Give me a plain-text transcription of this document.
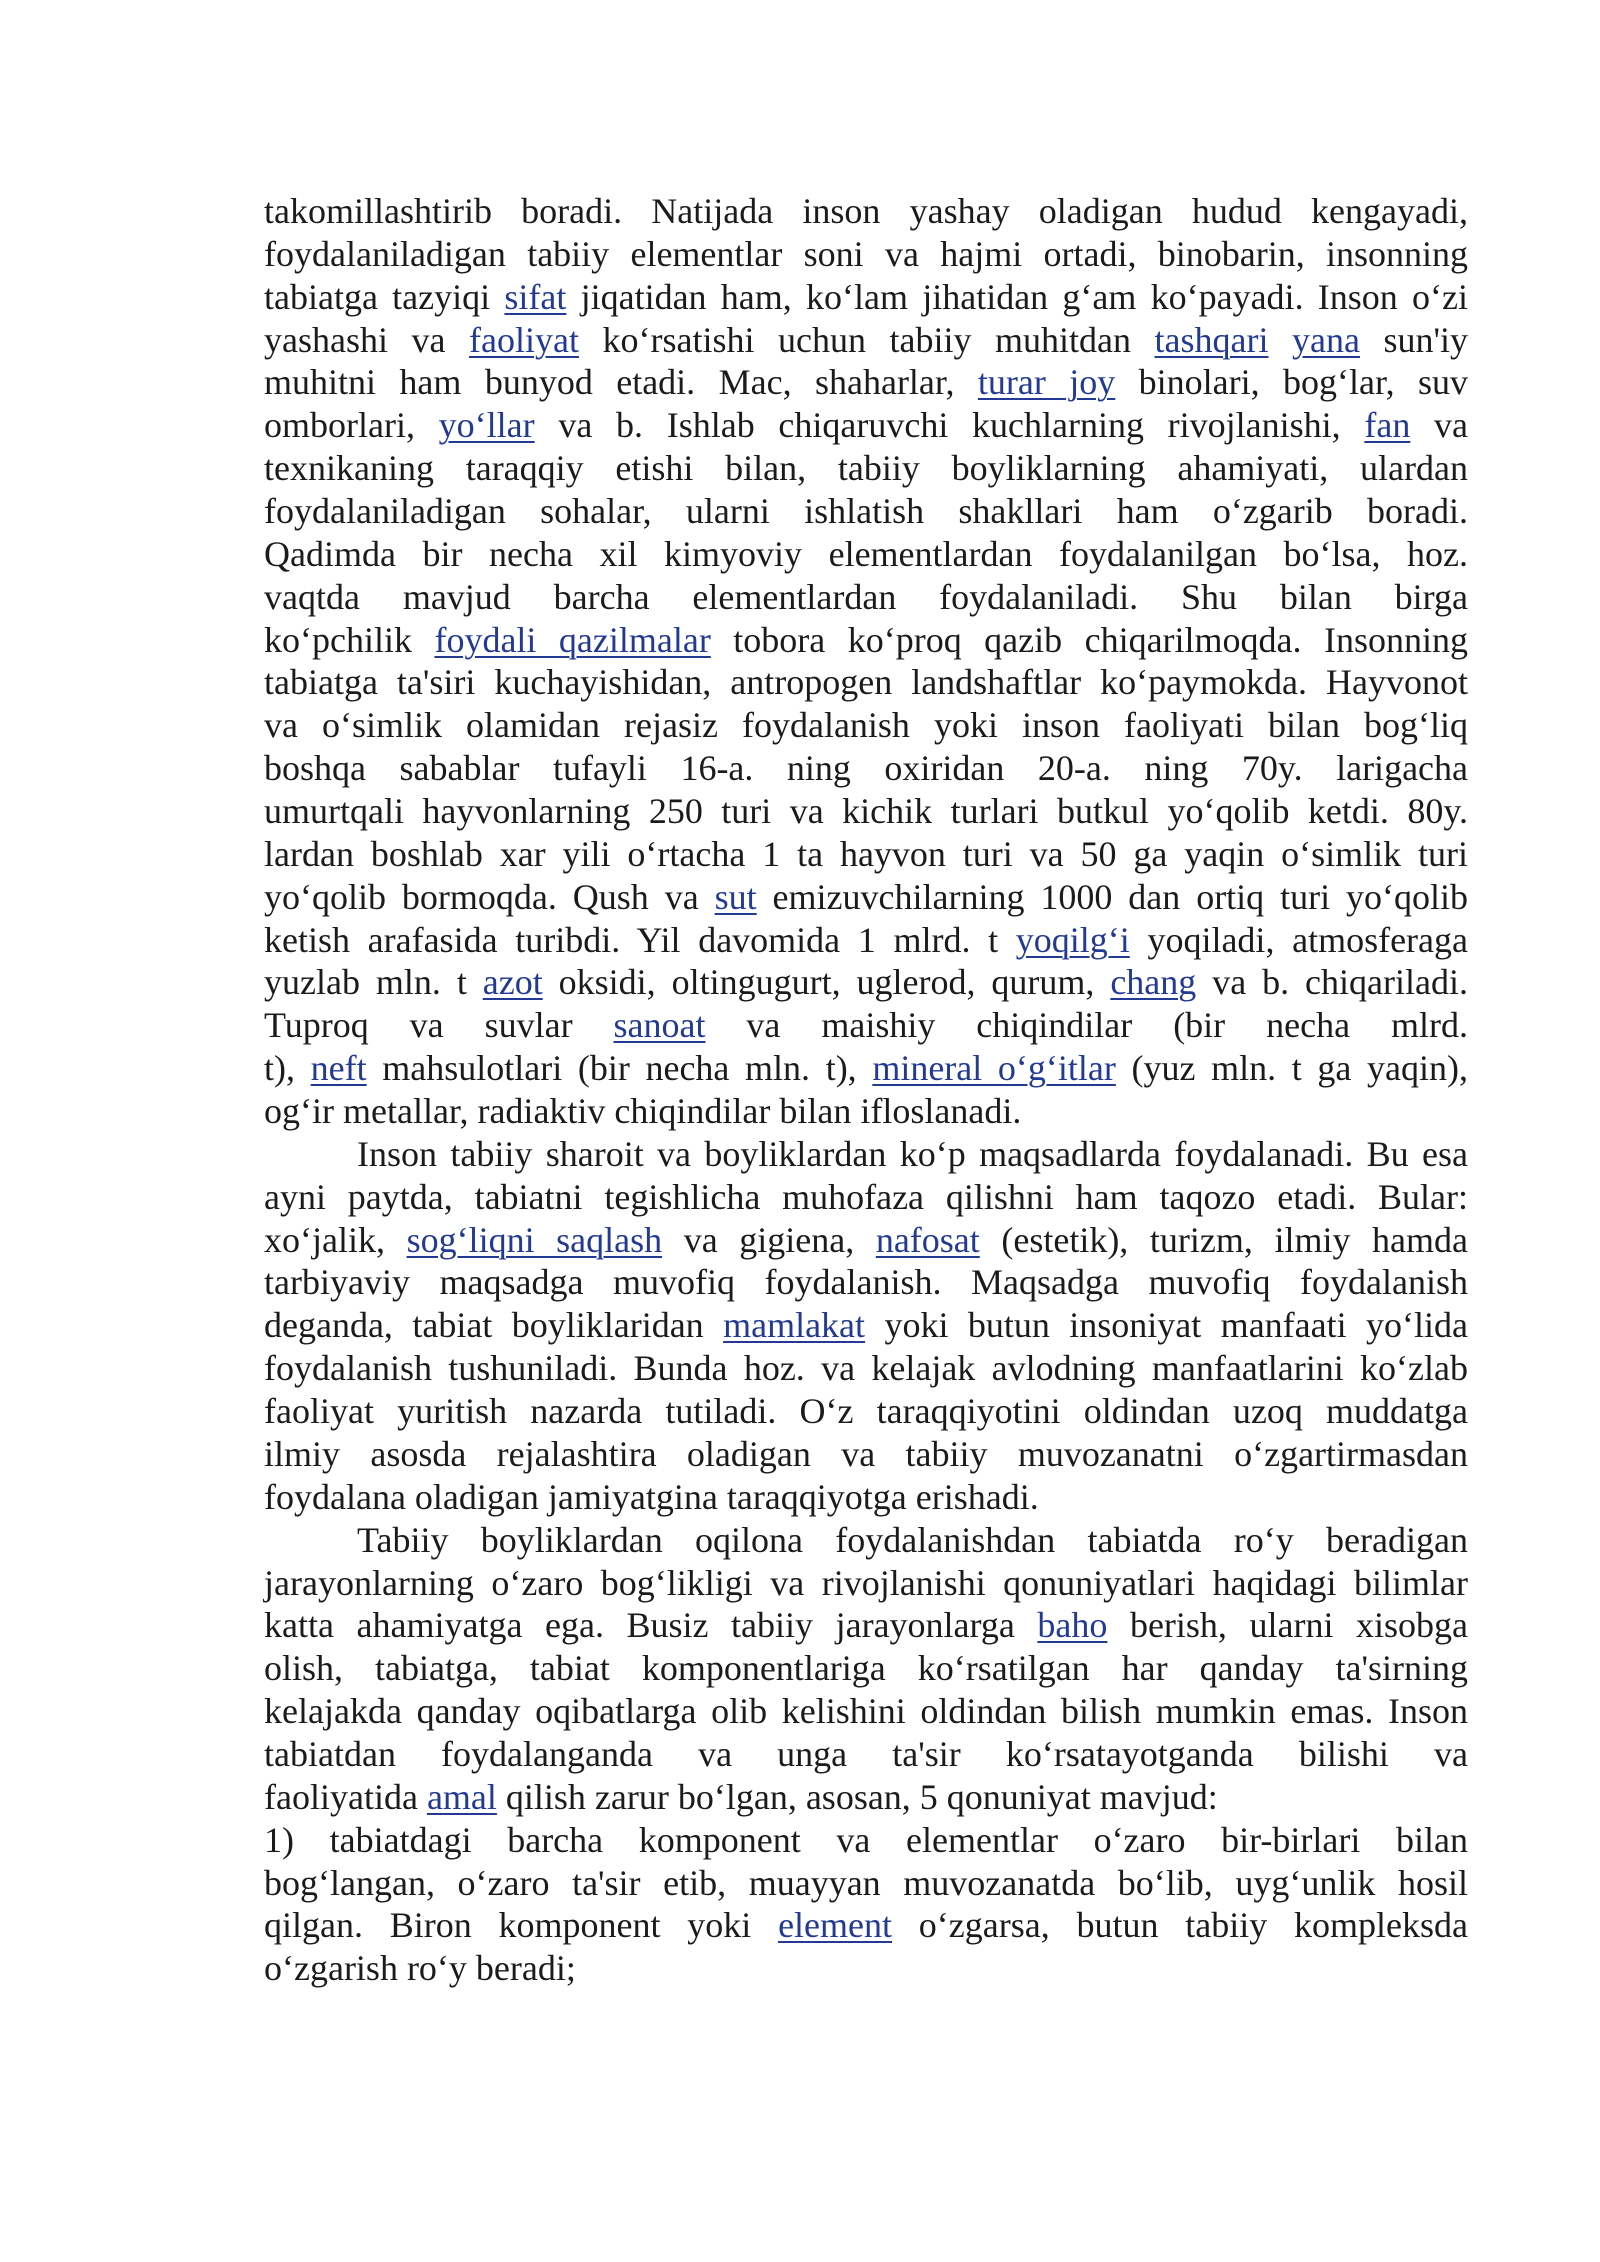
takomillashtirib boradi. Natijada inson yashay oladigan hudud kengayadi,
foydalaniladigan tabiiy elementlar soni va hajmi ortadi, binobarin, insonning
tabiatga tazyiqi sifat jiqatidan ham, ko‘lam jihatidan g‘am ko‘payadi. Inson o‘zi
yashashi va faoliyat ko‘rsatishi uchun tabiiy muhitdan tashqari yana sun'iy
muhitni ham bunyod etadi. Mac, shaharlar, turar joy binolari, bog‘lar, suv
omborlari, yo‘llar va b. Ishlab chiqaruvchi kuchlarning rivojlanishi, fan va
texnikaning taraqqiy etishi bilan, tabiiy boyliklarning ahamiyati, ulardan
foydalaniladigan sohalar, ularni ishlatish shakllari ham o‘zgarib boradi.
Qadimda bir necha xil kimyoviy elementlardan foydalanilgan bo‘lsa, hoz.
vaqtda mavjud barcha elementlardan foydalaniladi. Shu bilan birga
ko‘pchilik foydali qazilmalar tobora ko‘proq qazib chiqarilmoqda. Insonning
tabiatga ta'siri kuchayishidan, antropogen landshaftlar ko‘paymokda. Hayvonot
va o‘simlik olamidan rejasiz foydalanish yoki inson faoliyati bilan bog‘liq
boshqa sabablar tufayli 16-a. ning oxiridan 20-a. ning 70y. larigacha
umurtqali hayvonlarning 250 turi va kichik turlari butkul yo‘qolib ketdi. 80y.
lardan boshlab xar yili o‘rtacha 1 ta hayvon turi va 50 ga yaqin o‘simlik turi
yo‘qolib bormoqda. Qush va sut emizuvchilarning 1000 dan ortiq turi yo‘qolib
ketish arafasida turibdi. Yil davomida 1 mlrd. t yoqilg‘i yoqiladi, atmosferaga
yuzlab mln. t azot oksidi, oltingugurt, uglerod, qurum, chang va b. chiqariladi.
Tuproq va suvlar sanoat va maishiy chiqindilar (bir necha mlrd.
t), neft mahsulotlari (bir necha mln. t), mineral o‘g‘itlar (yuz mln. t ga yaqin),
og‘ir metallar, radiaktiv chiqindilar bilan ifloslanadi.
Inson tabiiy sharoit va boyliklardan ko‘p maqsadlarda foydalanadi. Bu esa
ayni paytda, tabiatni tegishlicha muhofaza qilishni ham taqozo etadi. Bular:
xo‘jalik, sog‘liqni saqlash va gigiena, nafosat (estetik), turizm, ilmiy hamda
tarbiyaviy maqsadga muvofiq foydalanish. Maqsadga muvofiq foydalanish
deganda, tabiat boyliklaridan mamlakat yoki butun insoniyat manfaati yo‘lida
foydalanish tushuniladi. Bunda hoz. va kelajak avlodning manfaatlarini ko‘zlab
faoliyat yuritish nazarda tutiladi. O‘z taraqqiyotini oldindan uzoq muddatga
ilmiy asosda rejalashtira oladigan va tabiiy muvozanatni o‘zgartirmasdan
foydalana oladigan jamiyatgina taraqqiyotga erishadi.
Tabiiy boyliklardan oqilona foydalanishdan tabiatda ro‘y beradigan
jarayonlarning o‘zaro bog‘likligi va rivojlanishi qonuniyatlari haqidagi bilimlar
katta ahamiyatga ega. Busiz tabiiy jarayonlarga baho berish, ularni xisobga
olish, tabiatga, tabiat komponentlariga ko‘rsatilgan har qanday ta'sirning
kelajakda qanday oqibatlarga olib kelishini oldindan bilish mumkin emas. Inson
tabiatdan foydalanganda va unga ta'sir ko‘rsatayotganda bilishi va
faoliyatida amal qilish zarur bo‘lgan, asosan, 5 qonuniyat mavjud:
1) tabiatdagi barcha komponent va elementlar o‘zaro bir-birlari bilan
bog‘langan, o‘zaro ta'sir etib, muayyan muvozanatda bo‘lib, uyg‘unlik hosil
qilgan. Biron komponent yoki element o‘zgarsa, butun tabiiy kompleksda
o‘zgarish ro‘y beradi;
